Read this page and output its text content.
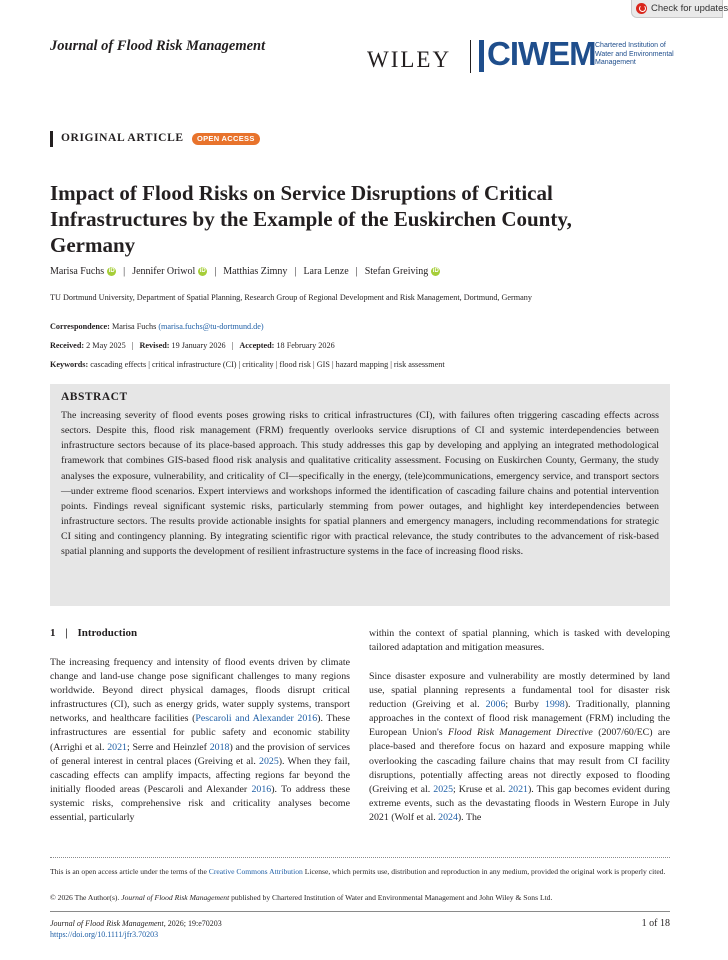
Check for updates
Journal of Flood Risk Management
WILEY CIWEM Chartered Institution of Water and Environmental Management
ORIGINAL ARTICLE	OPEN ACCESS
Impact of Flood Risks on Service Disruptions of Critical Infrastructures by the Example of the Euskirchen County, Germany
Marisa Fuchs iD | Jennifer Oriwol iD | Matthias Zimny | Lara Lenze | Stefan Greiving iD
TU Dortmund University, Department of Spatial Planning, Research Group of Regional Development and Risk Management, Dortmund, Germany
Correspondence: Marisa Fuchs (marisa.fuchs@tu-dortmund.de)
Received: 2 May 2025 | Revised: 19 January 2026 | Accepted: 18 February 2026
Keywords: cascading effects | critical infrastructure (CI) | criticality | flood risk | GIS | hazard mapping | risk assessment
ABSTRACT
The increasing severity of flood events poses growing risks to critical infrastructures (CI), with failures often triggering cascading effects across sectors. Despite this, flood risk management (FRM) frequently overlooks service disruptions of CI and systemic interdependencies between infrastructure sectors because of its place-based approach. This study addresses this gap by developing and applying an integrated methodological framework that combines GIS-based flood risk analysis and qualitative criticality assessment. Focusing on Euskirchen County, Germany, the study analyses the exposure, vulnerability, and criticality of CI—specifically in the energy, (tele)communications, emergency service, and transport sectors—under extreme flood scenarios. Expert interviews and workshops informed the identification of cascading failure chains and potential intervention points. Findings reveal significant systemic risks, particularly stemming from power outages, and highlight key interdependencies between infrastructure sectors. The results provide actionable insights for spatial planners and emergency managers, including recommendations for strategic CI siting and contingency planning. By integrating scientific rigor with practical relevance, the study contributes to the advancement of risk-based spatial planning and supports the development of resilient infrastructure systems in the face of increasing flood risks.
1 | Introduction
The increasing frequency and intensity of flood events driven by climate change and land-use change pose significant challenges to many regions worldwide. Beyond direct physical damages, floods disrupt critical infrastructures (CI), such as energy grids, water supply systems, transport networks, and healthcare facilities (Pescaroli and Alexander 2016). These infrastructures are essential for public safety and economic stability (Arrighi et al. 2021; Serre and Heinzlef 2018) and the provision of services of general interest in central places (Greiving et al. 2025). When they fail, cascading effects can amplify impacts, affecting regions far beyond the initially flooded areas (Pescaroli and Alexander 2016). To address these systemic risks, comprehensive risk and criticality analyses become essential, particularly
within the context of spatial planning, which is tasked with developing tailored adaptation and mitigation measures.
Since disaster exposure and vulnerability are mostly determined by land use, spatial planning represents a fundamental tool for disaster risk reduction (Greiving et al. 2006; Burby 1998). Traditionally, planning approaches in the context of flood risk management (FRM) including the European Union's Flood Risk Management Directive (2007/60/EC) are place-based and therefore focus on hazard and exposure mapping while overlooking the cascading failure chains that may result from CI facility disruptions, potentially affecting areas not directly exposed to flooding (Greiving et al. 2025; Kruse et al. 2021). This gap becomes evident during extreme events, such as the devastating floods in Western Europe in July 2021 (Wolf et al. 2024). The
This is an open access article under the terms of the Creative Commons Attribution License, which permits use, distribution and reproduction in any medium, provided the original work is properly cited.
© 2026 The Author(s). Journal of Flood Risk Management published by Chartered Institution of Water and Environmental Management and John Wiley & Sons Ltd.
Journal of Flood Risk Management, 2026; 19:e70203
https://doi.org/10.1111/jfr3.70203
1 of 18
